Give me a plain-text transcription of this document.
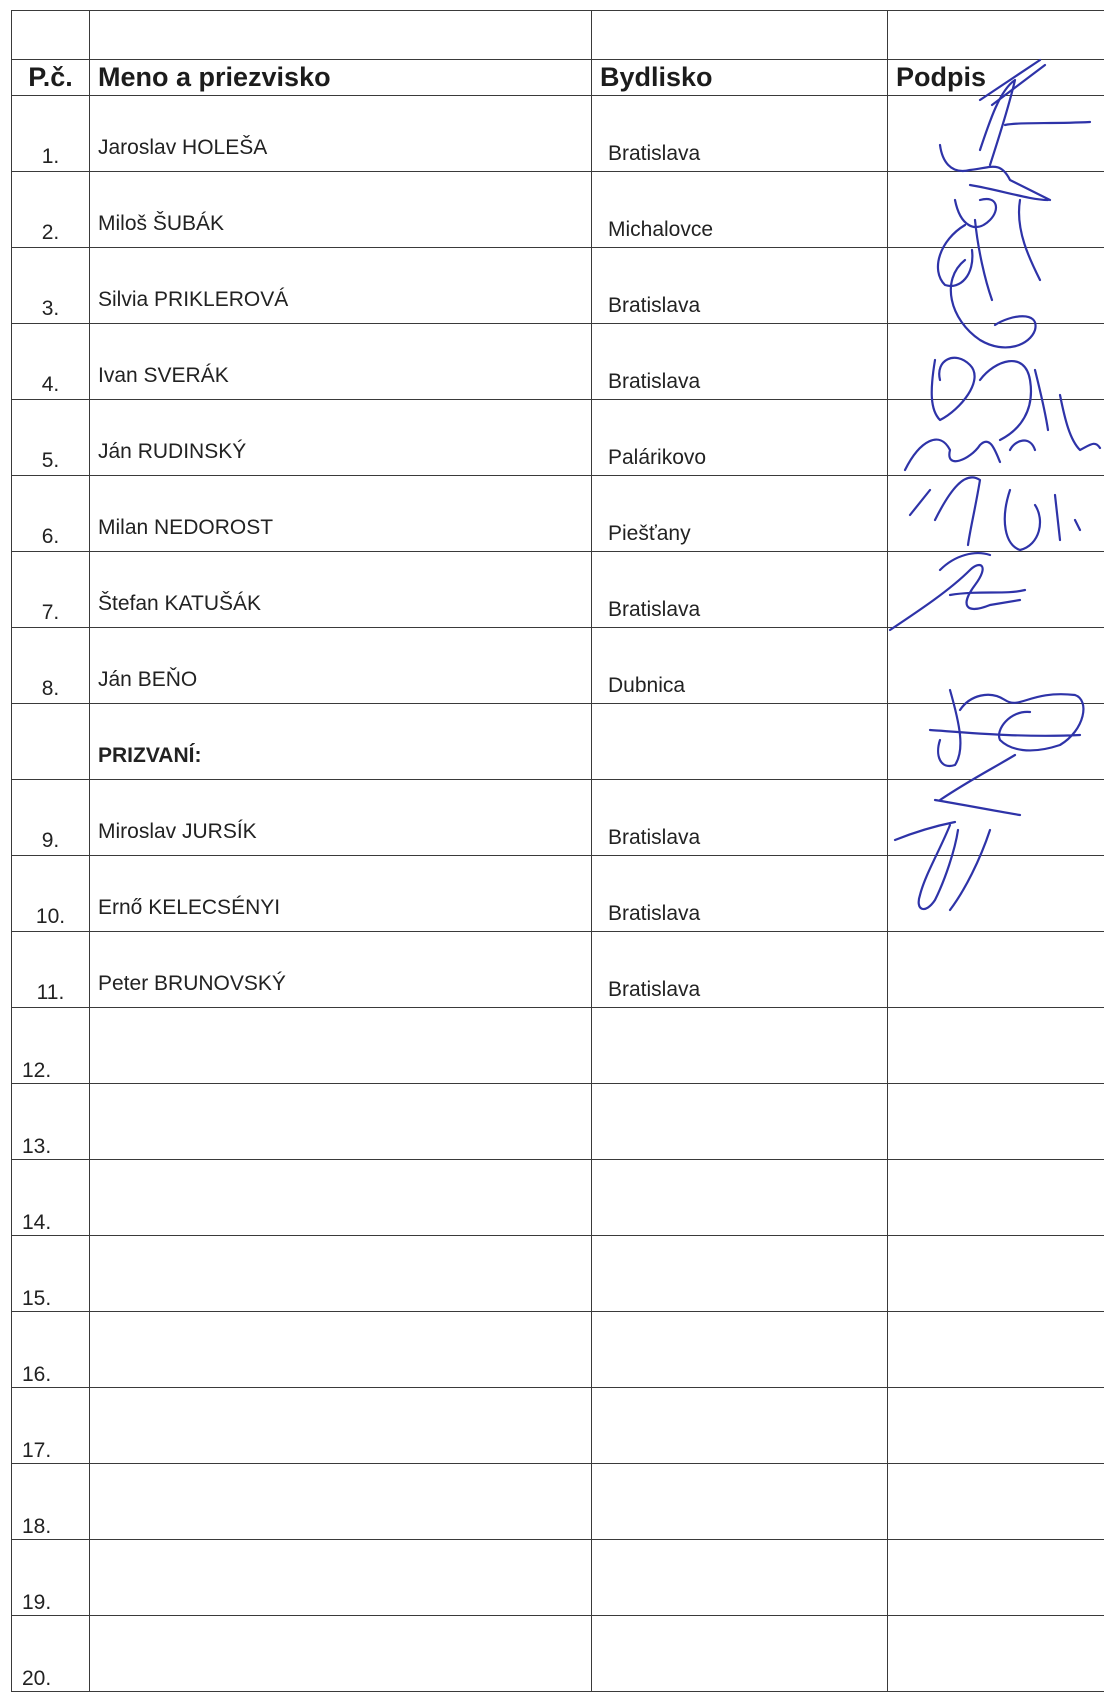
P.č.	Meno a priezvisko	Bydlisko	Podpis
1.	Jaroslav HOLEŠA	Bratislava	
2.	Miloš ŠUBÁK	Michalovce	
3.	Silvia PRIKLEROVÁ	Bratislava	
4.	Ivan SVERÁK	Bratislava	
5.	Ján RUDINSKÝ	Palárikovo	
6.	Milan NEDOROST	Piešťany	
7.	Štefan KATUŠÁK	Bratislava	
8.	Ján BEŇO	Dubnica	
	PRIZVANÍ:		
9.	Miroslav JURSÍK	Bratislava	
10.	Ernő KELECSÉNYI	Bratislava	
11.	Peter BRUNOVSKÝ	Bratislava	
12.			
13.			
14.			
15.			
16.			
17.			
18.			
19.			
20.			
